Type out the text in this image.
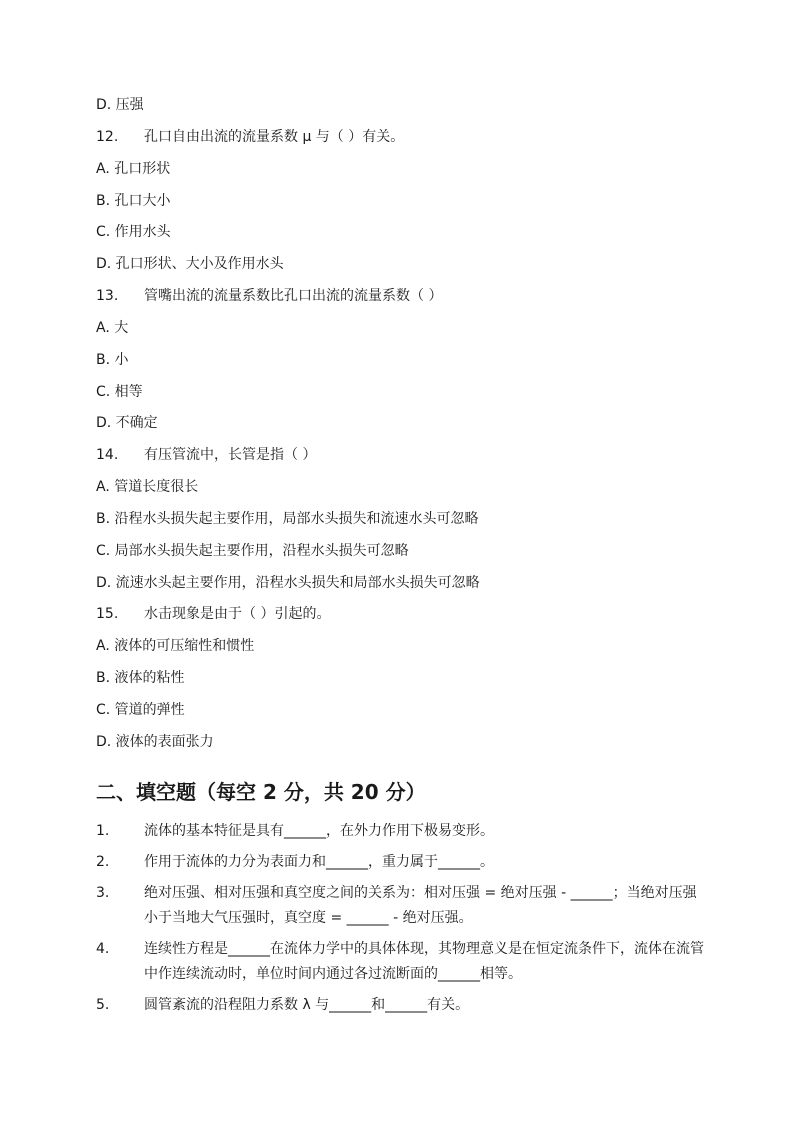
D. 压强
12. 孔口自由出流的流量系数 μ 与（ ）有关。
A. 孔口形状
B. 孔口大小
C. 作用水头
D. 孔口形状、大小及作用水头
13. 管嘴出流的流量系数比孔口出流的流量系数（ ）
A. 大
B. 小
C. 相等
D. 不确定
14. 有压管流中，长管是指（ ）
A. 管道长度很长
B. 沿程水头损失起主要作用，局部水头损失和流速水头可忽略
C. 局部水头损失起主要作用，沿程水头损失可忽略
D. 流速水头起主要作用，沿程水头损失和局部水头损失可忽略
15. 水击现象是由于（ ）引起的。
A. 液体的可压缩性和惯性
B. 液体的粘性
C. 管道的弹性
D. 液体的表面张力
二、填空题（每空 2 分，共 20 分）
1. 流体的基本特征是具有______，在外力作用下极易变形。
2. 作用于流体的力分为表面力和______，重力属于______。
3. 绝对压强、相对压强和真空度之间的关系为：相对压强 = 绝对压强 - ______；当绝对压强小于当地大气压强时，真空度 = ______ - 绝对压强。
4. 连续性方程是______在流体力学中的具体体现，其物理意义是在恒定流条件下，流体在流管中作连续流动时，单位时间内通过各过流断面的______相等。
5. 圆管紊流的沿程阻力系数 λ 与______和______有关。
